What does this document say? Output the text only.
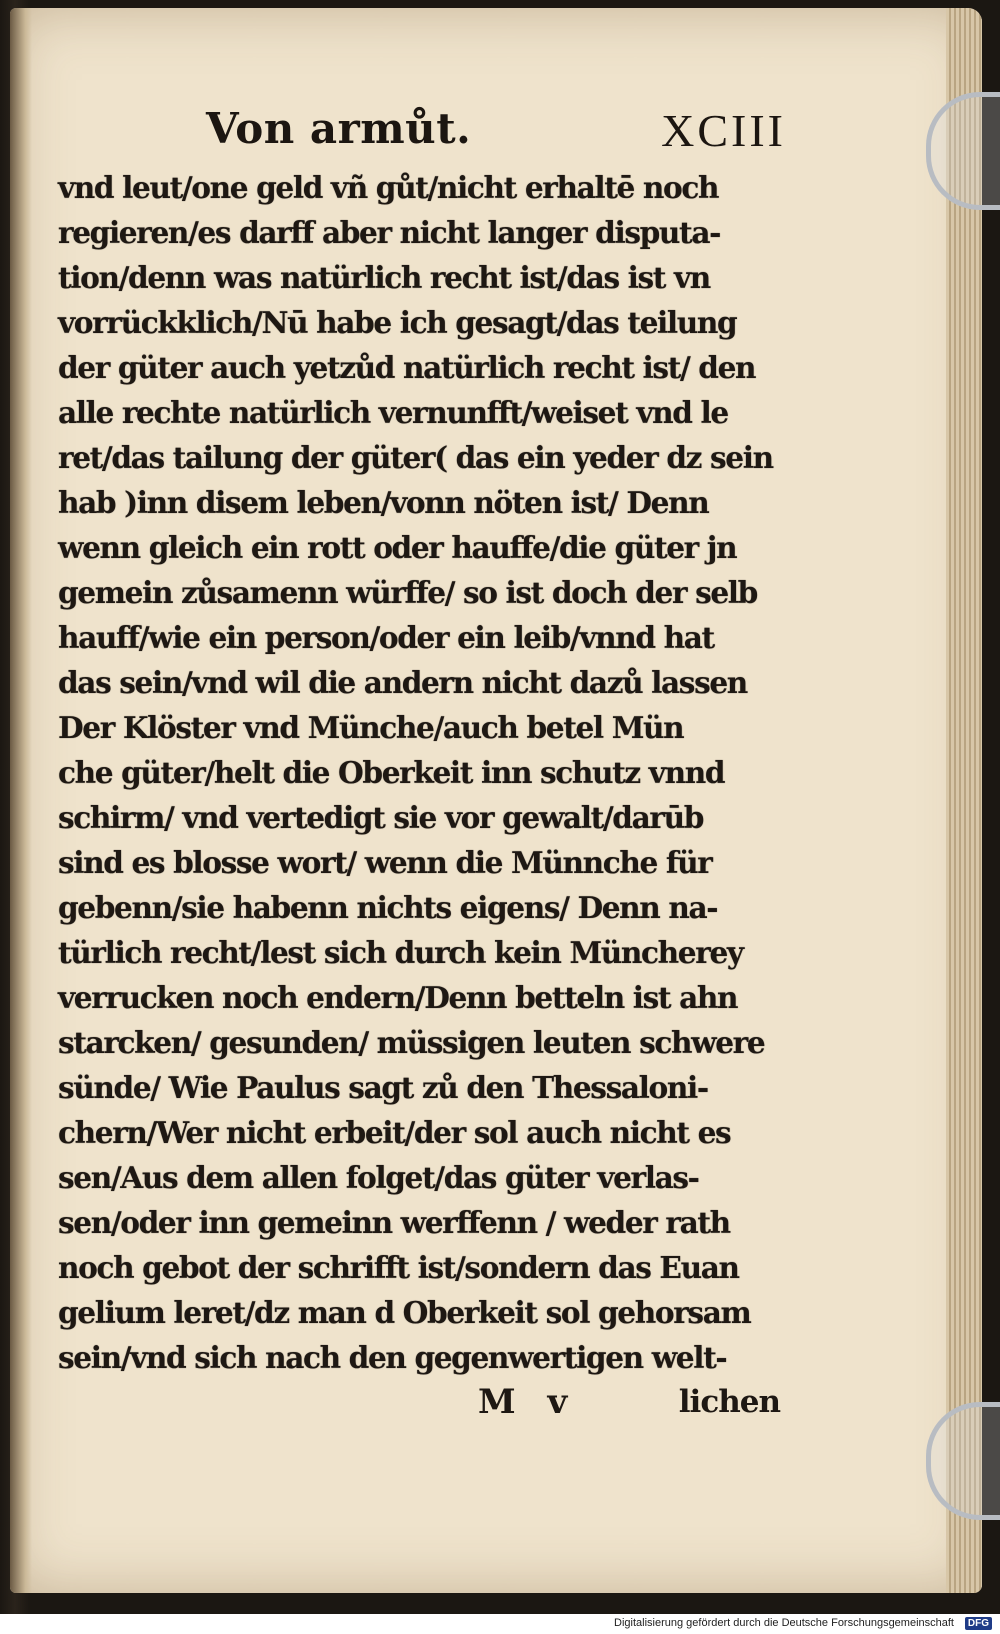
Von armůt.	XCIII
vnd leut/one geld vñ gůt/nicht erhaltē noch
regieren/es darff aber nicht langer disputa-
tion/denn was natürlich recht ist/das ist vn
vorrückklich/Nū habe ich gesagt/das teilung
der güter auch yetzůd natürlich recht ist/ den
alle rechte natürlich vernunfft/weiset vnd le
ret/das tailung der güter( das ein yeder dz sein
hab )inn disem leben/vonn nöten ist/ Denn
wenn gleich ein rott oder hauffe/die güter jn
gemein zůsamenn würffe/ so ist doch der selb
hauff/wie ein person/oder ein leib/vnnd hat
das sein/vnd wil die andern nicht dazů lassen
Der Klöster vnd Münche/auch betel Mün
che güter/helt die Oberkeit inn schutz vnnd
schirm/ vnd vertedigt sie vor gewalt/darūb
sind es blosse wort/ wenn die Münnche für
gebenn/sie habenn nichts eigens/ Denn na-
türlich recht/lest sich durch kein Müncherey
verrucken noch endern/Denn betteln ist ahn
starcken/ gesunden/ müssigen leuten schwere
sünde/ Wie Paulus sagt zů den Thessaloni-
chern/Wer nicht erbeit/der sol auch nicht es
sen/Aus dem allen folget/das güter verlas-
sen/oder inn gemeinn werffenn / weder rath
noch gebot der schrifft ist/sondern das Euan
gelium leret/dz man d Oberkeit sol gehorsam
sein/vnd sich nach den gegenwertigen welt-
M v	lichen
Digitalisierung gefördert durch die Deutsche Forschungsgemeinschaft	DFG
